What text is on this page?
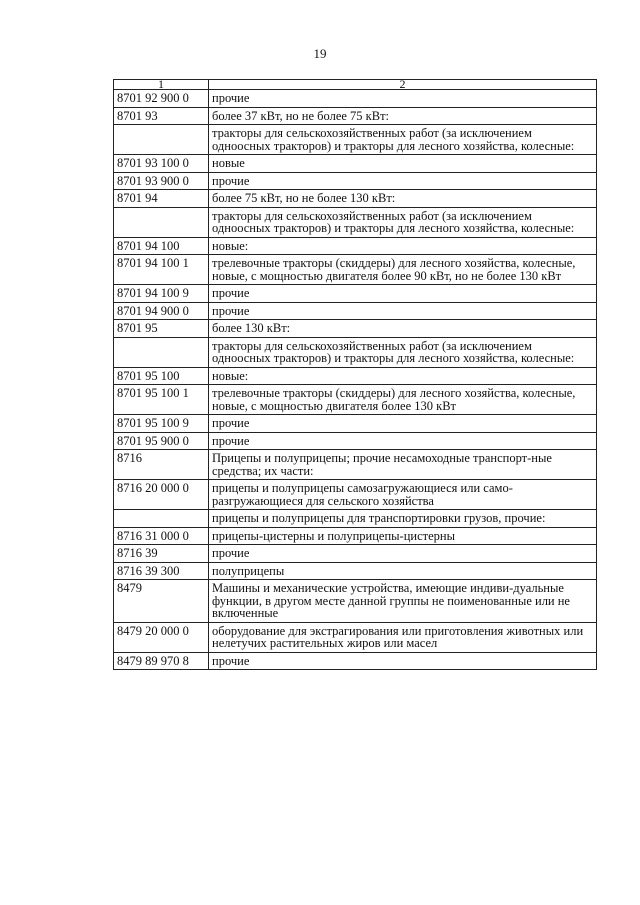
19
1	2
8701 92 900 0	прочие
8701 93	более 37 кВт, но не более 75 кВт:
	тракторы для сельскохозяйственных работ (за исключением одноосных тракторов) и тракторы для лесного хозяйства, колесные:
8701 93 100 0	новые
8701 93 900 0	прочие
8701 94	более 75 кВт, но не более 130 кВт:
	тракторы для сельскохозяйственных работ (за исключением одноосных тракторов) и тракторы для лесного хозяйства, колесные:
8701 94 100	новые:
8701 94 100 1	трелевочные тракторы (скиддеры) для лесного хозяйства, колесные, новые, с мощностью двигателя более 90 кВт, но не более 130 кВт
8701 94 100 9	прочие
8701 94 900 0	прочие
8701 95	более 130 кВт:
	тракторы для сельскохозяйственных работ (за исключением одноосных тракторов) и тракторы для лесного хозяйства, колесные:
8701 95 100	новые:
8701 95 100 1	трелевочные тракторы (скиддеры) для лесного хозяйства, колесные, новые, с мощностью двигателя более 130 кВт
8701 95 100 9	прочие
8701 95 900 0	прочие
8716	Прицепы и полуприцепы; прочие несамоходные транспорт-ные средства; их части:
8716 20 000 0	прицепы и полуприцепы самозагружающиеся или само-разгружающиеся для сельского хозяйства
	прицепы и полуприцепы для транспортировки грузов, прочие:
8716 31 000 0	прицепы-цистерны и полуприцепы-цистерны
8716 39	прочие
8716 39 300	полуприцепы
8479	Машины и механические устройства, имеющие индиви-дуальные функции, в другом месте данной группы не поименованные или не включенные
8479 20 000 0	оборудование для экстрагирования или приготовления животных или нелетучих растительных жиров или масел
8479 89 970 8	прочие
